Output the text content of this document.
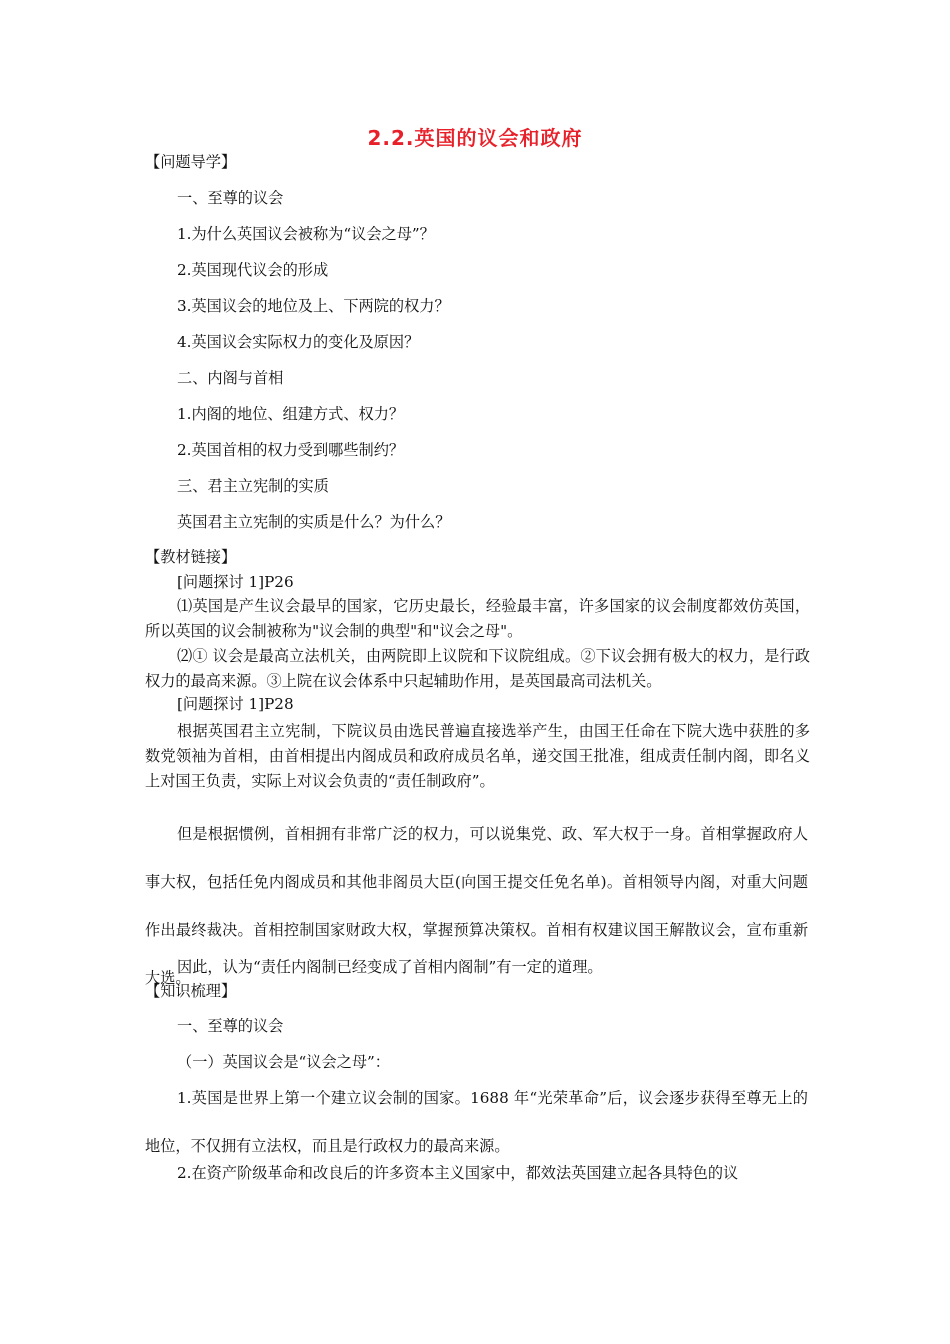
2.2.英国的议会和政府
【问题导学】
一、至尊的议会
1.为什么英国议会被称为“议会之母”？
2.英国现代议会的形成
3.英国议会的地位及上、下两院的权力？
4.英国议会实际权力的变化及原因？
二、内阁与首相
1.内阁的地位、组建方式、权力？
2.英国首相的权力受到哪些制约？
三、君主立宪制的实质
英国君主立宪制的实质是什么？为什么？
【教材链接】
[问题探讨 1]P26
⑴英国是产生议会最早的国家，它历史最长，经验最丰富，许多国家的议会制度都效仿英国，所以英国的议会制被称为"议会制的典型"和"议会之母"。
⑵① 议会是最高立法机关，由两院即上议院和下议院组成。②下议会拥有极大的权力，是行政权力的最高来源。③上院在议会体系中只起辅助作用，是英国最高司法机关。
[问题探讨 1]P28
根据英国君主立宪制，下院议员由选民普遍直接选举产生，由国王任命在下院大选中获胜的多数党领袖为首相，由首相提出内阁成员和政府成员名单，递交国王批准，组成责任制内阁，即名义上对国王负责，实际上对议会负责的“责任制政府”。
但是根据惯例，首相拥有非常广泛的权力，可以说集党、政、军大权于一身。首相掌握政府人事大权，包括任免内阁成员和其他非阁员大臣(向国王提交任免名单)。首相领导内阁，对重大问题作出最终裁决。首相控制国家财政大权，掌握预算决策权。首相有权建议国王解散议会，宣布重新大选。
因此，认为“责任内阁制已经变成了首相内阁制”有一定的道理。
【知识梳理】
一、至尊的议会
（一）英国议会是“议会之母”：
1.英国是世界上第一个建立议会制的国家。1688 年“光荣革命”后，议会逐步获得至尊无上的地位，不仅拥有立法权，而且是行政权力的最高来源。
2.在资产阶级革命和改良后的许多资本主义国家中，都效法英国建立起各具特色的议
